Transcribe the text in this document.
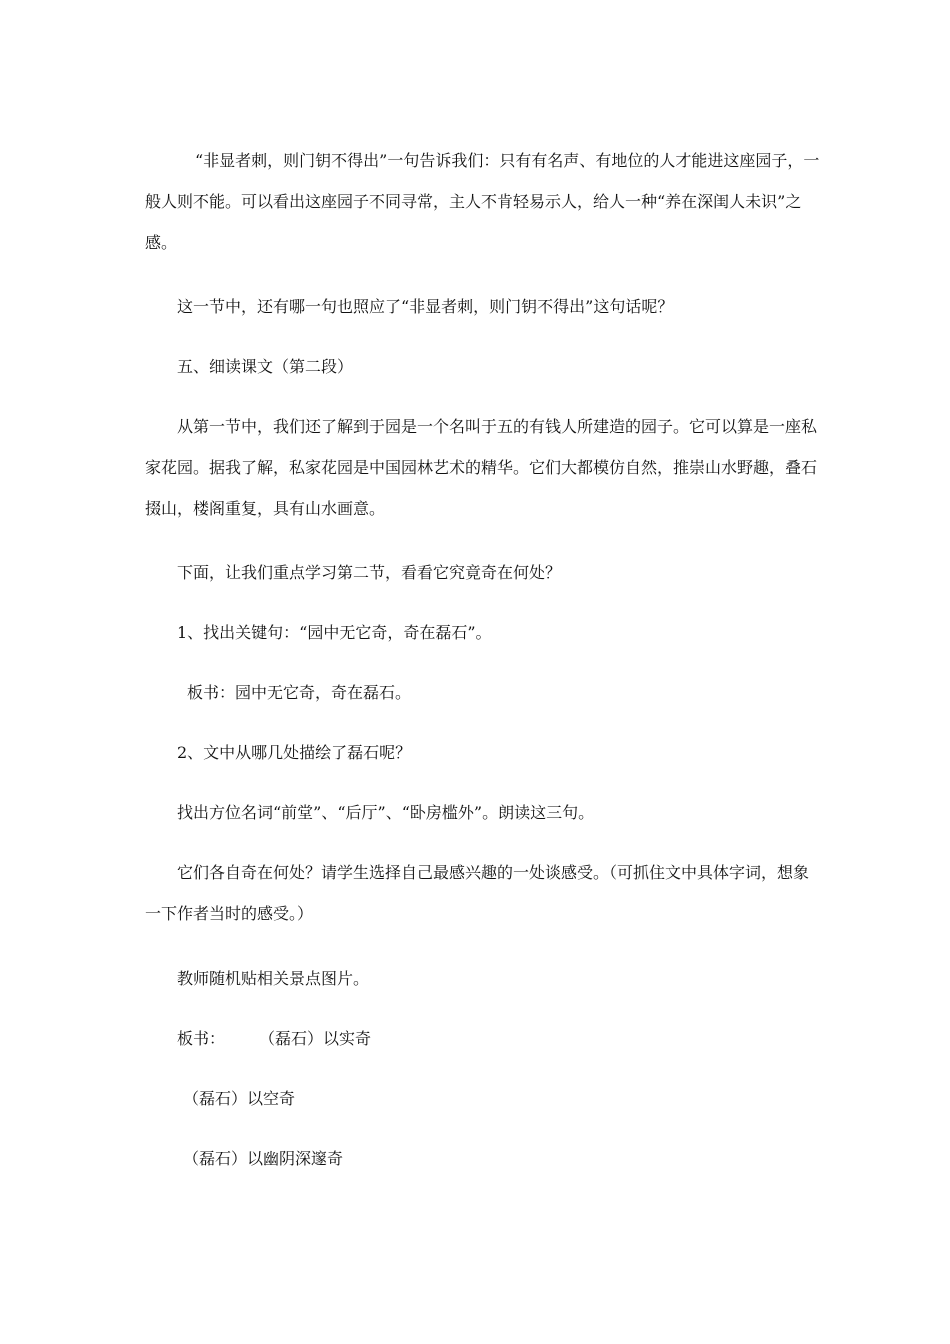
“非显者刺，则门钥不得出”一句告诉我们：只有有名声、有地位的人才能进这座园子，一般人则不能。可以看出这座园子不同寻常，主人不肯轻易示人，给人一种“养在深闺人未识”之感。

这一节中，还有哪一句也照应了“非显者刺，则门钥不得出”这句话呢？

五、细读课文（第二段）

从第一节中，我们还了解到于园是一个名叫于五的有钱人所建造的园子。它可以算是一座私家花园。据我了解，私家花园是中国园林艺术的精华。它们大都模仿自然，推崇山水野趣，叠石掇山，楼阁重复，具有山水画意。

下面，让我们重点学习第二节，看看它究竟奇在何处？

1、找出关键句：“园中无它奇，奇在磊石”。

板书：园中无它奇，奇在磊石。

2、文中从哪几处描绘了磊石呢？

找出方位名词“前堂”、“后厅”、“卧房槛外”。朗读这三句。

它们各自奇在何处？请学生选择自己最感兴趣的一处谈感受。（可抓住文中具体字词，想象一下作者当时的感受。）

教师随机贴相关景点图片。

板书： （磊石）以实奇

（磊石）以空奇

（磊石）以幽阴深邃奇
